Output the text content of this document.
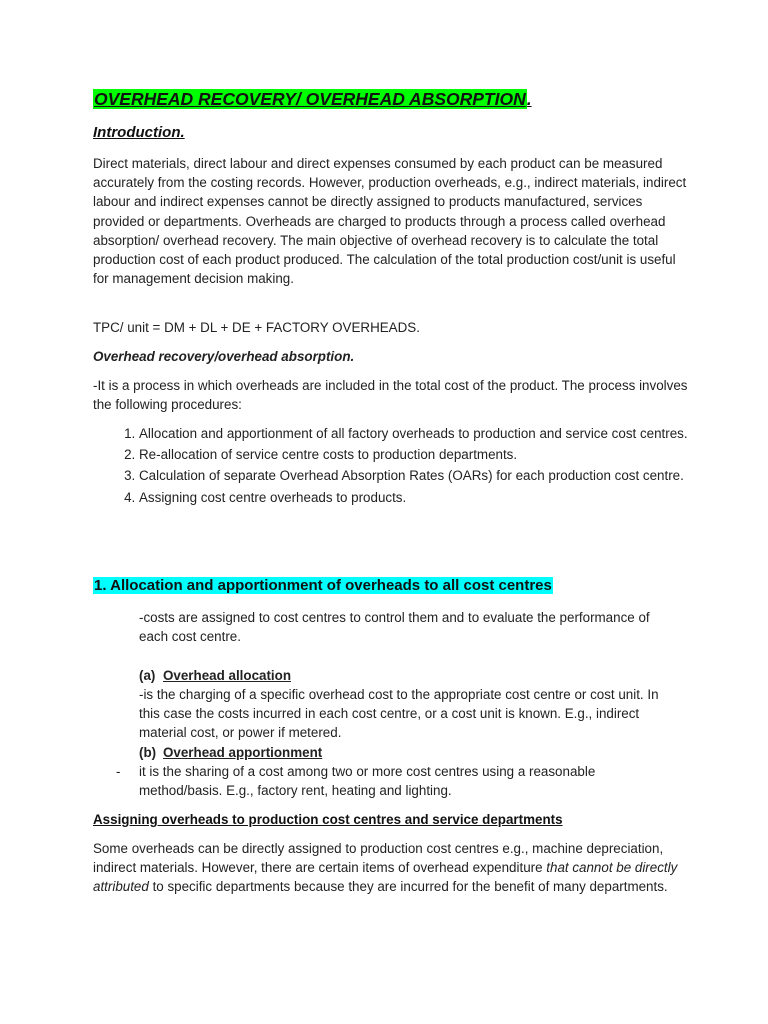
OVERHEAD RECOVERY/ OVERHEAD ABSORPTION.
Introduction.

Direct materials, direct labour and direct expenses consumed by each product can be measured accurately from the costing records. However, production overheads, e.g., indirect materials, indirect labour and indirect expenses cannot be directly assigned to products manufactured, services provided or departments. Overheads are charged to products through a process called overhead absorption/ overhead recovery. The main objective of overhead recovery is to calculate the total production cost of each product produced. The calculation of the total production cost/unit is useful for management decision making.

TPC/ unit = DM + DL + DE + FACTORY OVERHEADS.

Overhead recovery/overhead absorption.

-It is a process in which overheads are included in the total cost of the product. The process involves the following procedures:

1. Allocation and apportionment of all factory overheads to production and service cost centres.
2. Re-allocation of service centre costs to production departments.
3. Calculation of separate Overhead Absorption Rates (OARs) for each production cost centre.
4. Assigning cost centre overheads to products.
1. Allocation and apportionment of overheads to all cost centres

-costs are assigned to cost centres to control them and to evaluate the performance of each cost centre.

(a) Overhead allocation

-is the charging of a specific overhead cost to the appropriate cost centre or cost unit. In this case the costs incurred in each cost centre, or a cost unit is known. E.g., indirect material cost, or power if metered.

(b) Overhead apportionment
- it is the sharing of a cost among two or more cost centres using a reasonable method/basis. E.g., factory rent, heating and lighting.

Assigning overheads to production cost centres and service departments

Some overheads can be directly assigned to production cost centres e.g., machine depreciation, indirect materials. However, there are certain items of overhead expenditure that cannot be directly attributed to specific departments because they are incurred for the benefit of many departments.
